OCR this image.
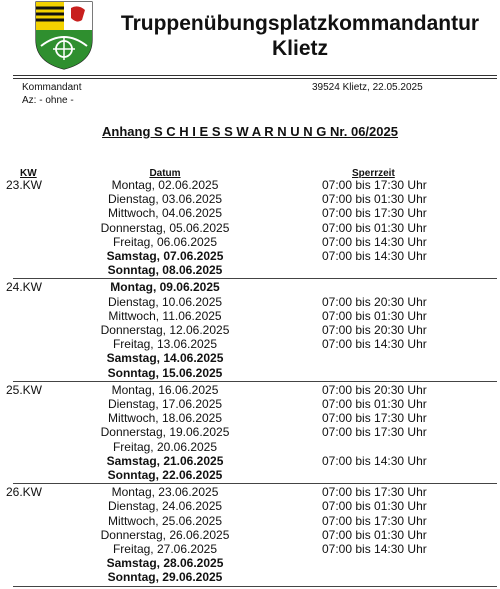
Truppenübungsplatzkommandantur
Klietz
Kommandant
Az: - ohne -
39524 Klietz, 22.05.2025
Anhang S C H I E S S W A R N U N G Nr. 06/2025
KW	Datum	Sperrzeit
23.KW	Montag, 02.06.2025	07:00 bis 17:30 Uhr
Dienstag, 03.06.2025	07:00 bis 01:30 Uhr
Mittwoch, 04.06.2025	07:00 bis 17:30 Uhr
Donnerstag, 05.06.2025	07:00 bis 01:30 Uhr
Freitag, 06.06.2025	07:00 bis 14:30 Uhr
Samstag, 07.06.2025	07:00 bis 14:30 Uhr
Sonntag, 08.06.2025
24.KW	Montag, 09.06.2025
Dienstag, 10.06.2025	07:00 bis 20:30 Uhr
Mittwoch, 11.06.2025	07:00 bis 01:30 Uhr
Donnerstag, 12.06.2025	07:00 bis 20:30 Uhr
Freitag, 13.06.2025	07:00 bis 14:30 Uhr
Samstag, 14.06.2025
Sonntag, 15.06.2025
25.KW	Montag, 16.06.2025	07:00 bis 20:30 Uhr
Dienstag, 17.06.2025	07:00 bis 01:30 Uhr
Mittwoch, 18.06.2025	07:00 bis 17:30 Uhr
Donnerstag, 19.06.2025	07:00 bis 17:30 Uhr
Freitag, 20.06.2025
Samstag, 21.06.2025	07:00 bis 14:30 Uhr
Sonntag, 22.06.2025
26.KW	Montag, 23.06.2025	07:00 bis 17:30 Uhr
Dienstag, 24.06.2025	07:00 bis 01:30 Uhr
Mittwoch, 25.06.2025	07:00 bis 17:30 Uhr
Donnerstag, 26.06.2025	07:00 bis 01:30 Uhr
Freitag, 27.06.2025	07:00 bis 14:30 Uhr
Samstag, 28.06.2025
Sonntag, 29.06.2025
